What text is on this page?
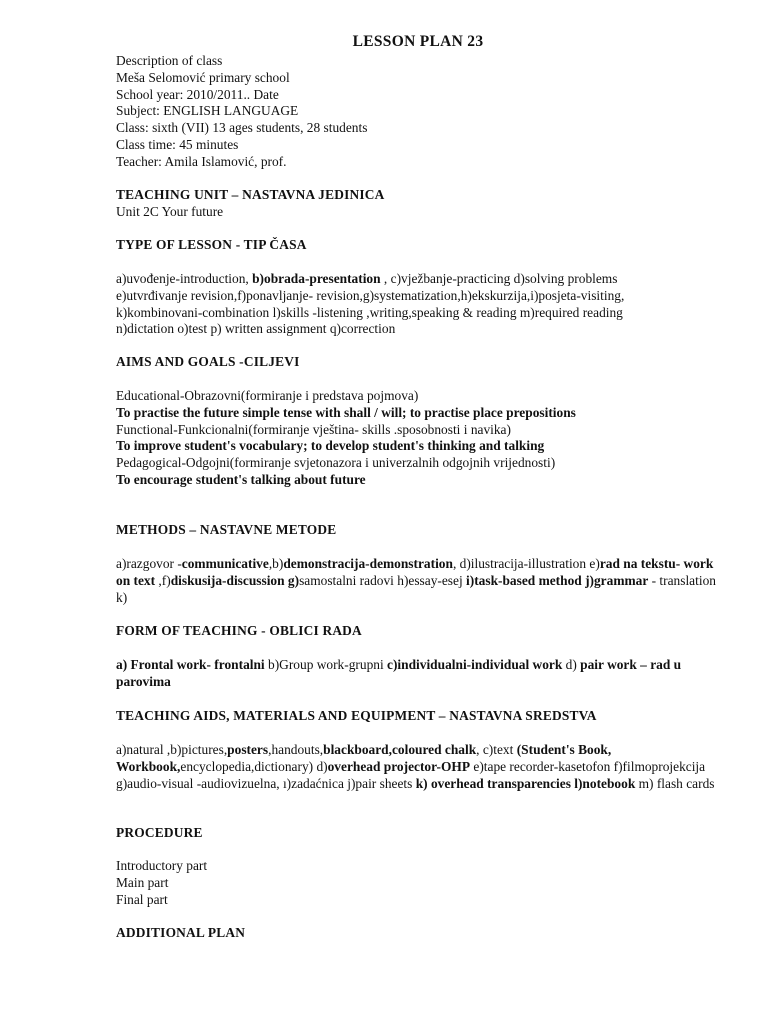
LESSON PLAN 23
Description of class
Meša Selomović primary school
School year: 2010/2011.. Date
Subject: ENGLISH LANGUAGE
Class: sixth (VII) 13 ages students, 28 students
Class time: 45 minutes
Teacher: Amila Islamović, prof.
TEACHING UNIT – NASTAVNA JEDINICA
Unit 2C Your future
TYPE OF LESSON - TIP ČASA
a)uvođenje-introduction, b)obrada-presentation , c)vježbanje-practicing d)solving problems
e)utvrđivanje revision,f)ponavljanje- revision,g)systematization,h)ekskurzija,i)posjeta-visiting,
k)kombinovani-combination l)skills -listening ,writing,speaking & reading m)required reading
n)dictation o)test p) written assignment q)correction
AIMS AND GOALS -CILJEVI
Educational-Obrazovni(formiranje i predstava pojmova)
To practise the future simple tense with shall / will; to practise place prepositions
Functional-Funkcionalni(formiranje vještina- skills .sposobnosti i navika)
To improve student's vocabulary; to develop student's thinking and talking
Pedagogical-Odgojni(formiranje svjetonazora i univerzalnih odgojnih vrijednosti)
To encourage student's talking about future
METHODS – NASTAVNE METODE
a)razgovor -communicative,b)demonstracija-demonstration, d)ilustracija-illustration e)rad na tekstu- work on text ,f)diskusija-discussion g)samostalni radovi h)essay-esej i)task-based method j)grammar - translation k)
FORM OF TEACHING - OBLICI RADA
a) Frontal work- frontalni b)Group work-grupni c)individualni-individual work d) pair work – rad u parovima
TEACHING AIDS, MATERIALS AND EQUIPMENT – NASTAVNA SREDSTVA
a)natural ,b)pictures,posters,handouts,blackboard,coloured chalk, c)text (Student's Book, Workbook,encyclopedia,dictionary) d)overhead projector-OHP e)tape recorder-kasetofon f)filmoprojekcija g)audio-visual -audiovizuelna, ı)zadaćnica j)pair sheets k) overhead transparencies l)notebook m) flash cards
PROCEDURE
Introductory part
Main part
Final part
ADDITIONAL PLAN
